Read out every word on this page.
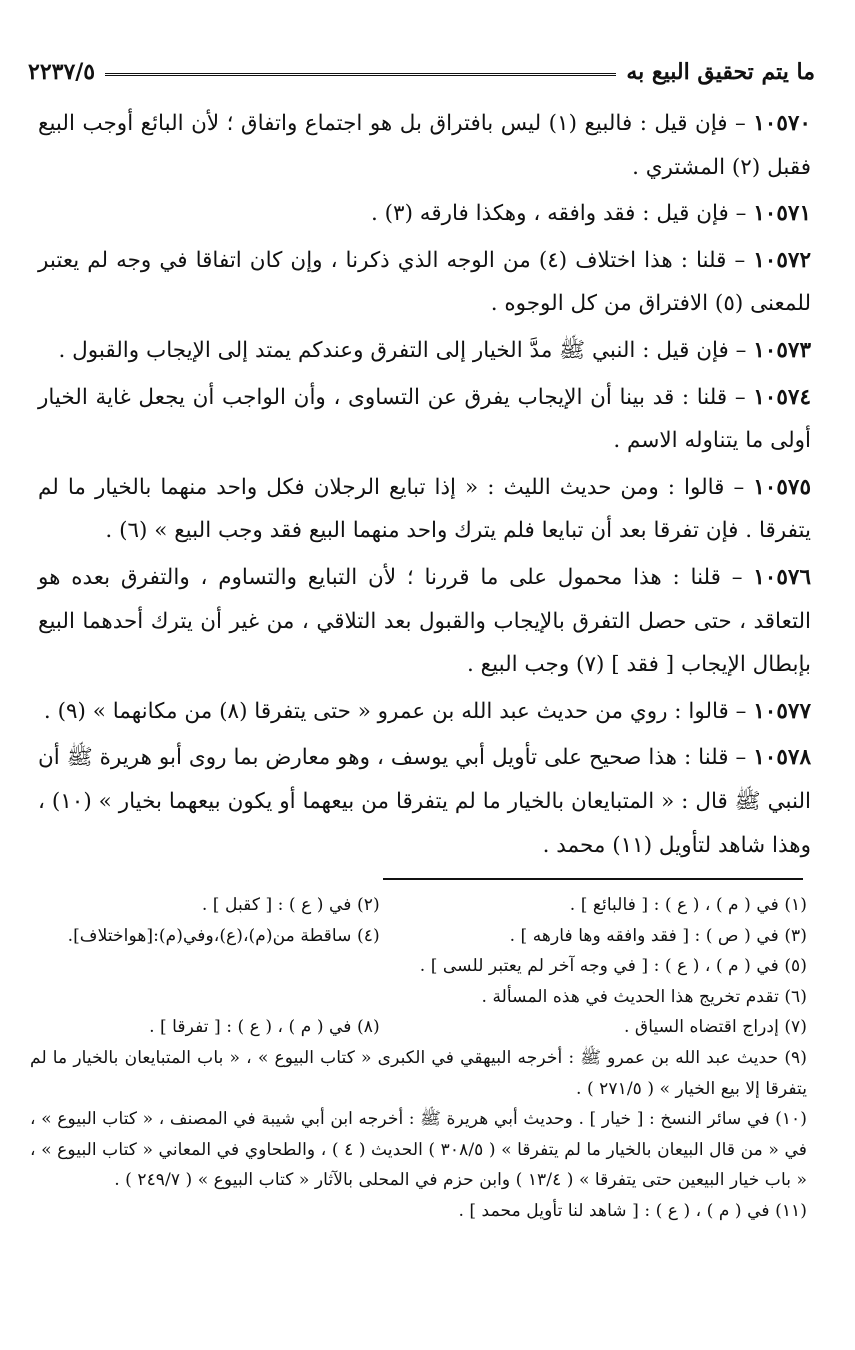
ما يتم تحقيق البيع به
٢٢٣٧/٥

١٠٥٧٠ – فإن قيل : فالبيع (١) ليس بافتراق بل هو اجتماع واتفاق ؛ لأن البائع أوجب البيع فقبل (٢) المشتري .

١٠٥٧١ – فإن قيل : فقد وافقه ، وهكذا فارقه (٣) .

١٠٥٧٢ – قلنا : هذا اختلاف (٤) من الوجه الذي ذكرنا ، وإن كان اتفاقا في وجه لم يعتبر للمعنى (٥) الافتراق من كل الوجوه .

١٠٥٧٣ – فإن قيل : النبي ﷺ مدَّ الخيار إلى التفرق وعندكم يمتد إلى الإيجاب والقبول .

١٠٥٧٤ – قلنا : قد بينا أن الإيجاب يفرق عن التساوى ، وأن الواجب أن يجعل غاية الخيار أولى ما يتناوله الاسم .

١٠٥٧٥ – قالوا : ومن حديث الليث : « إذا تبايع الرجلان فكل واحد منهما بالخيار ما لم يتفرقا . فإن تفرقا بعد أن تبايعا فلم يترك واحد منهما البيع فقد وجب البيع » (٦) .

١٠٥٧٦ – قلنا : هذا محمول على ما قررنا ؛ لأن التبايع والتساوم ، والتفرق بعده هو التعاقد ، حتى حصل التفرق بالإيجاب والقبول بعد التلاقي ، من غير أن يترك أحدهما البيع بإبطال الإيجاب [ فقد ] (٧) وجب البيع .

١٠٥٧٧ – قالوا : روي من حديث عبد الله بن عمرو « حتى يتفرقا (٨) من مكانهما » (٩) .

١٠٥٧٨ – قلنا : هذا صحيح على تأويل أبي يوسف ، وهو معارض بما روى أبو هريرة ﷺ أن النبي ﷺ قال : « المتبايعان بالخيار ما لم يتفرقا من بيعهما أو يكون بيعهما بخيار » (١٠) ، وهذا شاهد لتأويل (١١) محمد .

(١) في ( م ) ، ( ع ) : [ فالبائع ] .
(٢) في ( ع ) : [ كقبل ] .
(٣) في ( ص ) : [ فقد وافقه وها فارهه ] .
(٤) ساقطة من(م)،(ع)،وفي(م):[هواختلاف].
(٥) في ( م ) ، ( ع ) : [ في وجه آخر لم يعتبر للسى ] .
(٦) تقدم تخريج هذا الحديث في هذه المسألة .
(٧) إدراج اقتضاه السياق .
(٨) في ( م ) ، ( ع ) : [ تفرقا ] .
(٩) حديث عبد الله بن عمرو ﷺ : أخرجه البيهقي في الكبرى « كتاب البيوع » ، « باب المتبايعان بالخيار ما لم يتفرقا إلا بيع الخيار » ( ٢٧١/٥ ) .
(١٠) في سائر النسخ : [ خيار ] . وحديث أبي هريرة ﷺ : أخرجه ابن أبي شيبة في المصنف ، « كتاب البيوع » ، في « من قال البيعان بالخيار ما لم يتفرقا » ( ٣٠٨/٥ ) الحديث ( ٤ ) ، والطحاوي في المعاني « كتاب البيوع » ، « باب خيار البيعين حتى يتفرقا » ( ١٣/٤ ) وابن حزم في المحلى بالآثار « كتاب البيوع » ( ٢٤٩/٧ ) .
(١١) في ( م ) ، ( ع ) : [ شاهد لنا تأويل محمد ] .
